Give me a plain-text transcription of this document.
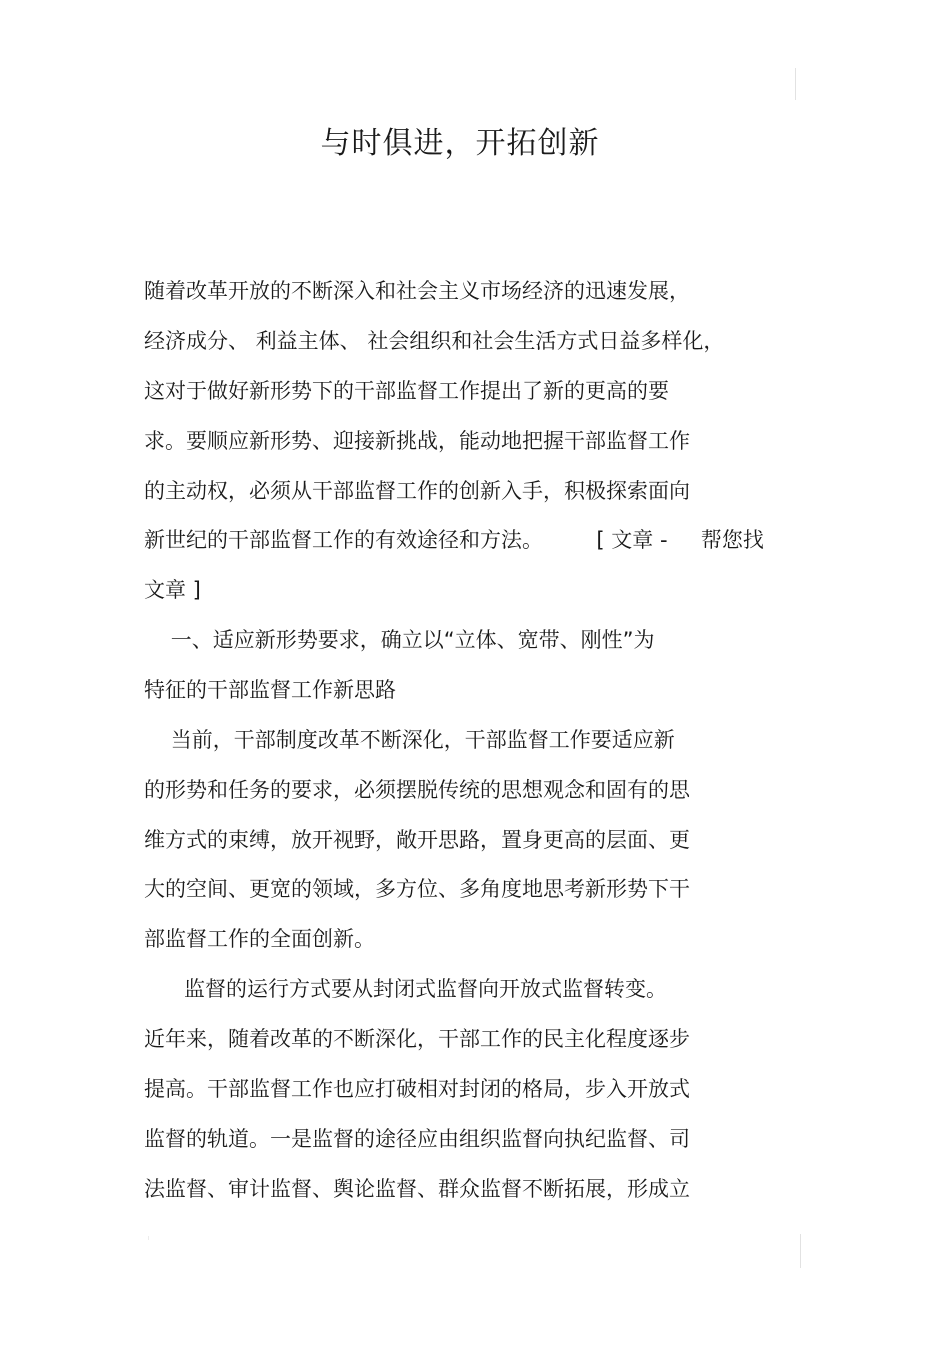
与时俱进，开拓创新
随着改革开放的不断深入和社会主义市场经济的迅速发展，
经济成分、 利益主体、 社会组织和社会生活方式日益多样化，
这对于做好新形势下的干部监督工作提出了新的更高的要
求。要顺应新形势、迎接新挑战，能动地把握干部监督工作
的主动权，必须从干部监督工作的创新入手，积极探索面向
新世纪的干部监督工作的有效途径和方法。        [ 文章 -     帮您找
文章 ]
一、适应新形势要求，确立以“立体、宽带、刚性”为
特征的干部监督工作新思路
当前，干部制度改革不断深化，干部监督工作要适应新
的形势和任务的要求，必须摆脱传统的思想观念和固有的思
维方式的束缚，放开视野，敞开思路，置身更高的层面、更
大的空间、更宽的领域，多方位、多角度地思考新形势下干
部监督工作的全面创新。
监督的运行方式要从封闭式监督向开放式监督转变。
近年来，随着改革的不断深化，干部工作的民主化程度逐步
提高。干部监督工作也应打破相对封闭的格局，步入开放式
监督的轨道。一是监督的途径应由组织监督向执纪监督、司
法监督、审计监督、舆论监督、群众监督不断拓展，形成立
